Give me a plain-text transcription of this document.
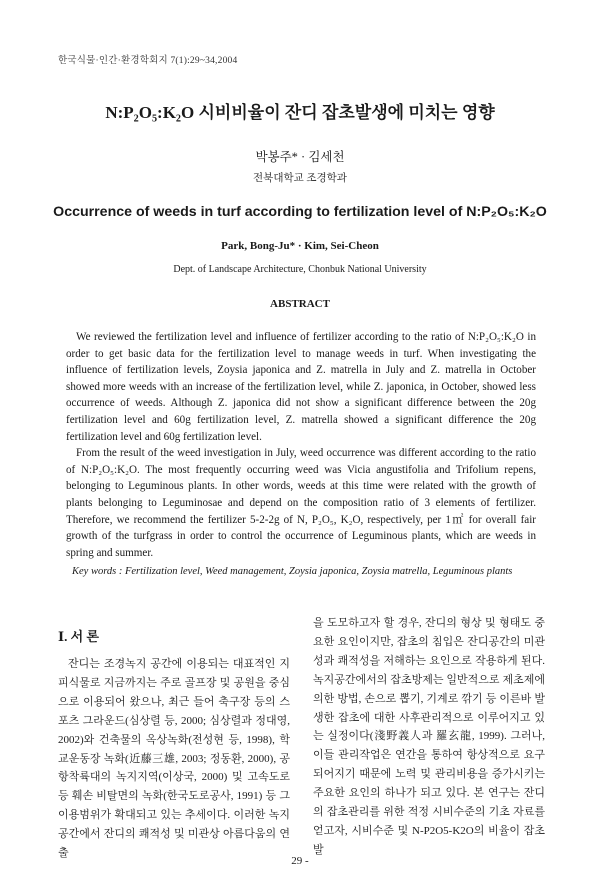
한국식물·인간·환경학회지 7(1):29~34,2004
N:P₂O₅:K₂O 시비비율이 잔디 잡초발생에 미치는 영향
박봉주* · 김세천
전북대학교 조경학과
Occurrence of weeds in turf according to fertilization level of N:P₂O₅:K₂O
Park, Bong-Ju* · Kim, Sei-Cheon
Dept. of Landscape Architecture, Chonbuk National University
ABSTRACT

We reviewed the fertilization level and influence of fertilizer according to the ratio of N:P₂O₅:K₂O in order to get basic data for the fertilization level to manage weeds in turf. When investigating the influence of fertilization levels, Zoysia japonica and Z. matrella in July and Z. matrella in October showed more weeds with an increase of the fertilization level, while Z. japonica, in October, showed less occurrence of weeds. Although Z. japonica did not show a significant difference between the 20g fertilization level and 60g fertilization level, Z. matrella showed a significant difference the 20g fertilization level and 60g fertilization level.

From the result of the weed investigation in July, weed occurrence was different according to the ratio of N:P₂O₅:K₂O. The most frequently occurring weed was Vicia angustifolia and Trifolium repens, belonging to Leguminous plants. In other words, weeds at this time were related with the growth of plants belonging to Leguminosae and depend on the composition ratio of 3 elements of fertilizer. Therefore, we recommend the fertilizer 5-2-2g of N, P₂O₅, K₂O, respectively, per 1㎡ for overall fair growth of the turfgrass in order to control the occurrence of Leguminous plants, which are weeds in spring and summer.

Key words : Fertilization level, Weed management, Zoysia japonica, Zoysia matrella, Leguminous plants
Ⅰ. 서 론

잔디는 조경녹지 공간에 이용되는 대표적인 지피식물로 지금까지는 주로 골프장 및 공원을 중심으로 이용되어 왔으나, 최근 들어 축구장 등의 스포츠 그라운드(심상렬 등, 2000; 심상렬과 정대영, 2002)와 건축물의 옥상녹화(전성현 등, 1998), 학교운동장 녹화(近藤三雄, 2003; 정동환, 2000), 공항착륙대의 녹지지역(이상국, 2000) 및 고속도로 등 훼손 비탈면의 녹화(한국도로공사, 1991) 등 그 이용범위가 확대되고 있는 추세이다. 이러한 녹지공간에서 잔디의 쾌적성 및 미관상 아름다움의 연출

을 도모하고자 할 경우, 잔디의 형상 및 형태도 중요한 요인이지만, 잡초의 침입은 잔디공간의 미관성과 쾌적성을 저해하는 요인으로 작용하게 된다. 녹지공간에서의 잡초방제는 일반적으로 제초제에 의한 방법, 손으로 뽑기, 기계로 깎기 등 이른바 발생한 잡초에 대한 사후관리적으로 이루어지고 있는 실정이다(淺野義人과 羅玄龍, 1999). 그러나, 이들 관리작업은 연간을 통하여 항상적으로 요구되어지기 때문에 노력 및 관리비용을 증가시키는 주요한 요인의 하나가 되고 있다. 본 연구는 잔디의 잡초관리를 위한 적정 시비수준의 기초 자료를 얻고자, 시비수준 및 N-P2O5-K2O의 비율이 잡초발

29 -
